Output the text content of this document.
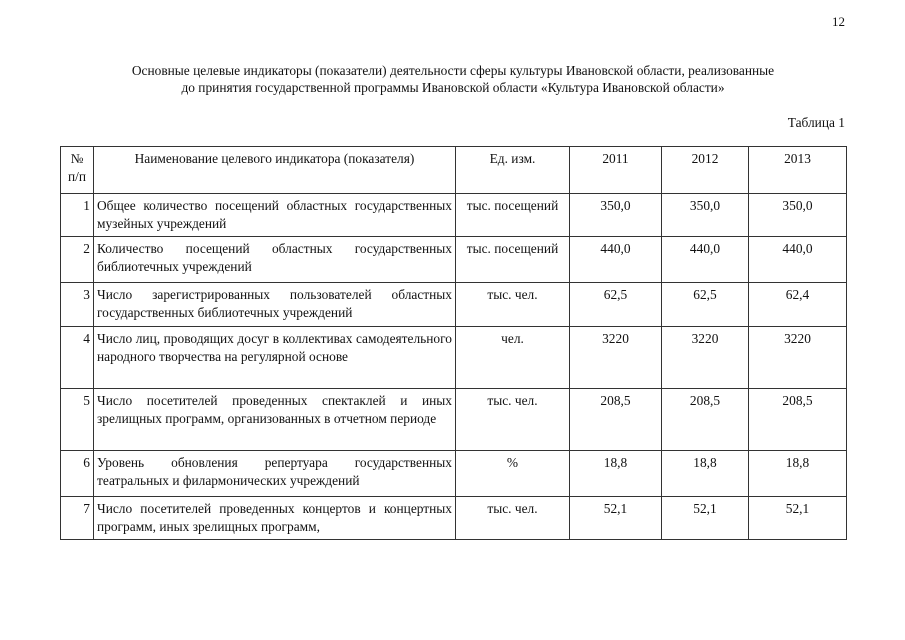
12
Основные целевые индикаторы (показатели) деятельности сферы культуры Ивановской области, реализованные
до принятия государственной программы Ивановской области «Культура Ивановской области»
Таблица 1
№ п/п	Наименование целевого индикатора (показателя)	Ед. изм.	2011	2012	2013
1	Общее количество посещений областных государственных музейных учреждений	тыс. посещений	350,0	350,0	350,0
2	Количество посещений областных государственных библиотечных учреждений	тыс. посещений	440,0	440,0	440,0
3	Число зарегистрированных пользователей областных государственных библиотечных учреждений	тыс. чел.	62,5	62,5	62,4
4	Число лиц, проводящих досуг в коллективах самодеятельного народного творчества на регулярной основе	чел.	3220	3220	3220
5	Число посетителей проведенных спектаклей и иных зрелищных программ, организованных в отчетном периоде	тыс. чел.	208,5	208,5	208,5
6	Уровень обновления репертуара государственных театральных и филармонических учреждений	%	18,8	18,8	18,8
7	Число посетителей проведенных концертов и концертных программ, иных зрелищных программ,	тыс. чел.	52,1	52,1	52,1
